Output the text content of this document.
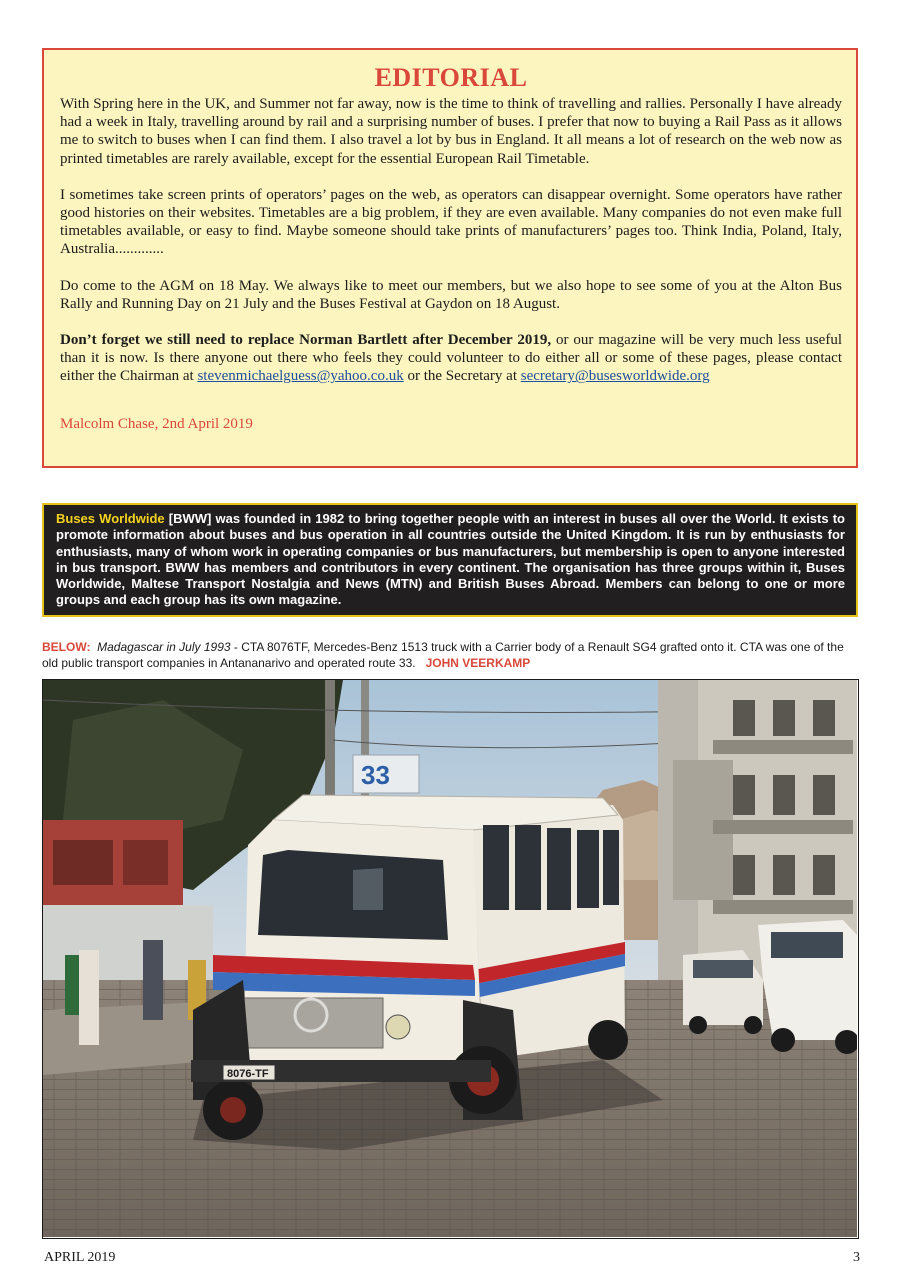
EDITORIAL

With Spring here in the UK, and Summer not far away, now is the time to think of travelling and rallies. Personally I have already had a week in Italy, travelling around by rail and a surprising number of buses. I prefer that now to buying a Rail Pass as it allows me to switch to buses when I can find them. I also travel a lot by bus in England. It all means a lot of research on the web now as printed timetables are rarely available, except for the essential European Rail Timetable.

I sometimes take screen prints of operators’ pages on the web, as operators can disappear overnight. Some operators have rather good histories on their websites. Timetables are a big problem, if they are even available. Many companies do not even make full timetables available, or easy to find. Maybe someone should take prints of manufacturers’ pages too. Think India, Poland, Italy, Australia.............

Do come to the AGM on 18 May. We always like to meet our members, but we also hope to see some of you at the Alton Bus Rally and Running Day on 21 July and the Buses Festival at Gaydon on 18 August.

Don’t forget we still need to replace Norman Bartlett after December 2019, or our magazine will be very much less useful than it is now. Is there anyone out there who feels they could volunteer to do either all or some of these pages, please contact either the Chairman at stevenmichaelguess@yahoo.co.uk or the Secretary at secretary@busesworldwide.org

Malcolm Chase, 2nd April 2019

Buses Worldwide [BWW] was founded in 1982 to bring together people with an interest in buses all over the World. It exists to promote information about buses and bus operation in all countries outside the United Kingdom. It is run by enthusiasts for enthusiasts, many of whom work in operating companies or bus manufacturers, but membership is open to anyone interested in bus transport. BWW has members and contributors in every continent. The organisation has three groups within it, Buses Worldwide, Maltese Transport Nostalgia and News (MTN) and British Buses Abroad. Members can belong to one or more groups and each group has its own magazine.
BELOW: Madagascar in July 1993 - CTA 8076TF, Mercedes-Benz 1513 truck with a Carrier body of a Renault SG4 grafted onto it. CTA was one of the old public transport companies in Antananarivo and operated route 33. JOHN VEERKAMP
33
8076-TF
APRIL 2019	3
